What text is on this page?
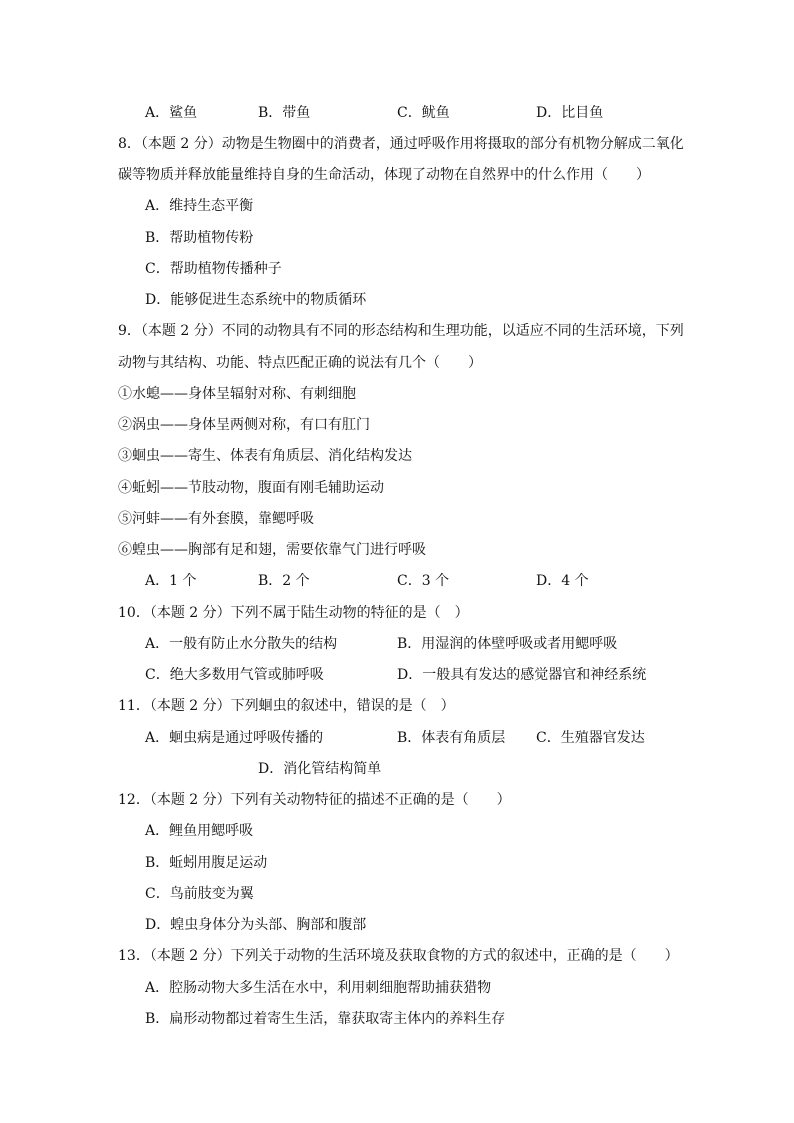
A．鲨鱼	B．带鱼	C．鱿鱼	D．比目鱼
8．（本题 2 分）动物是生物圈中的消费者，通过呼吸作用将摄取的部分有机物分解成二氧化
碳等物质并释放能量维持自身的生命活动，体现了动物在自然界中的什么作用（　　）
A．维持生态平衡
B．帮助植物传粉
C．帮助植物传播种子
D．能够促进生态系统中的物质循环
9．（本题 2 分）不同的动物具有不同的形态结构和生理功能，以适应不同的生活环境，下列
动物与其结构、功能、特点匹配正确的说法有几个（　　）
①水螅——身体呈辐射对称、有刺细胞
②涡虫——身体呈两侧对称，有口有肛门
③蛔虫——寄生、体表有角质层、消化结构发达
④蚯蚓——节肢动物，腹面有刚毛辅助运动
⑤河蚌——有外套膜，靠鳃呼吸
⑥蝗虫——胸部有足和翅，需要依靠气门进行呼吸
A．1 个	B．2 个	C．3 个	D．4 个
10．（本题 2 分）下列不属于陆生动物的特征的是（　）
A．一般有防止水分散失的结构	B．用湿润的体壁呼吸或者用鳃呼吸
C．绝大多数用气管或肺呼吸	D．一般具有发达的感觉器官和神经系统
11．（本题 2 分）下列蛔虫的叙述中，错误的是（　）
A．蛔虫病是通过呼吸传播的	B．体表有角质层 C．生殖器官发达
D．消化管结构简单
12．（本题 2 分）下列有关动物特征的描述不正确的是（　　）
A．鲤鱼用鳃呼吸
B．蚯蚓用腹足运动
C．鸟前肢变为翼
D．蝗虫身体分为头部、胸部和腹部
13．（本题 2 分）下列关于动物的生活环境及获取食物的方式的叙述中，正确的是（　　）
A．腔肠动物大多生活在水中，利用刺细胞帮助捕获猎物
B．扁形动物都过着寄生生活，靠获取寄主体内的养料生存
